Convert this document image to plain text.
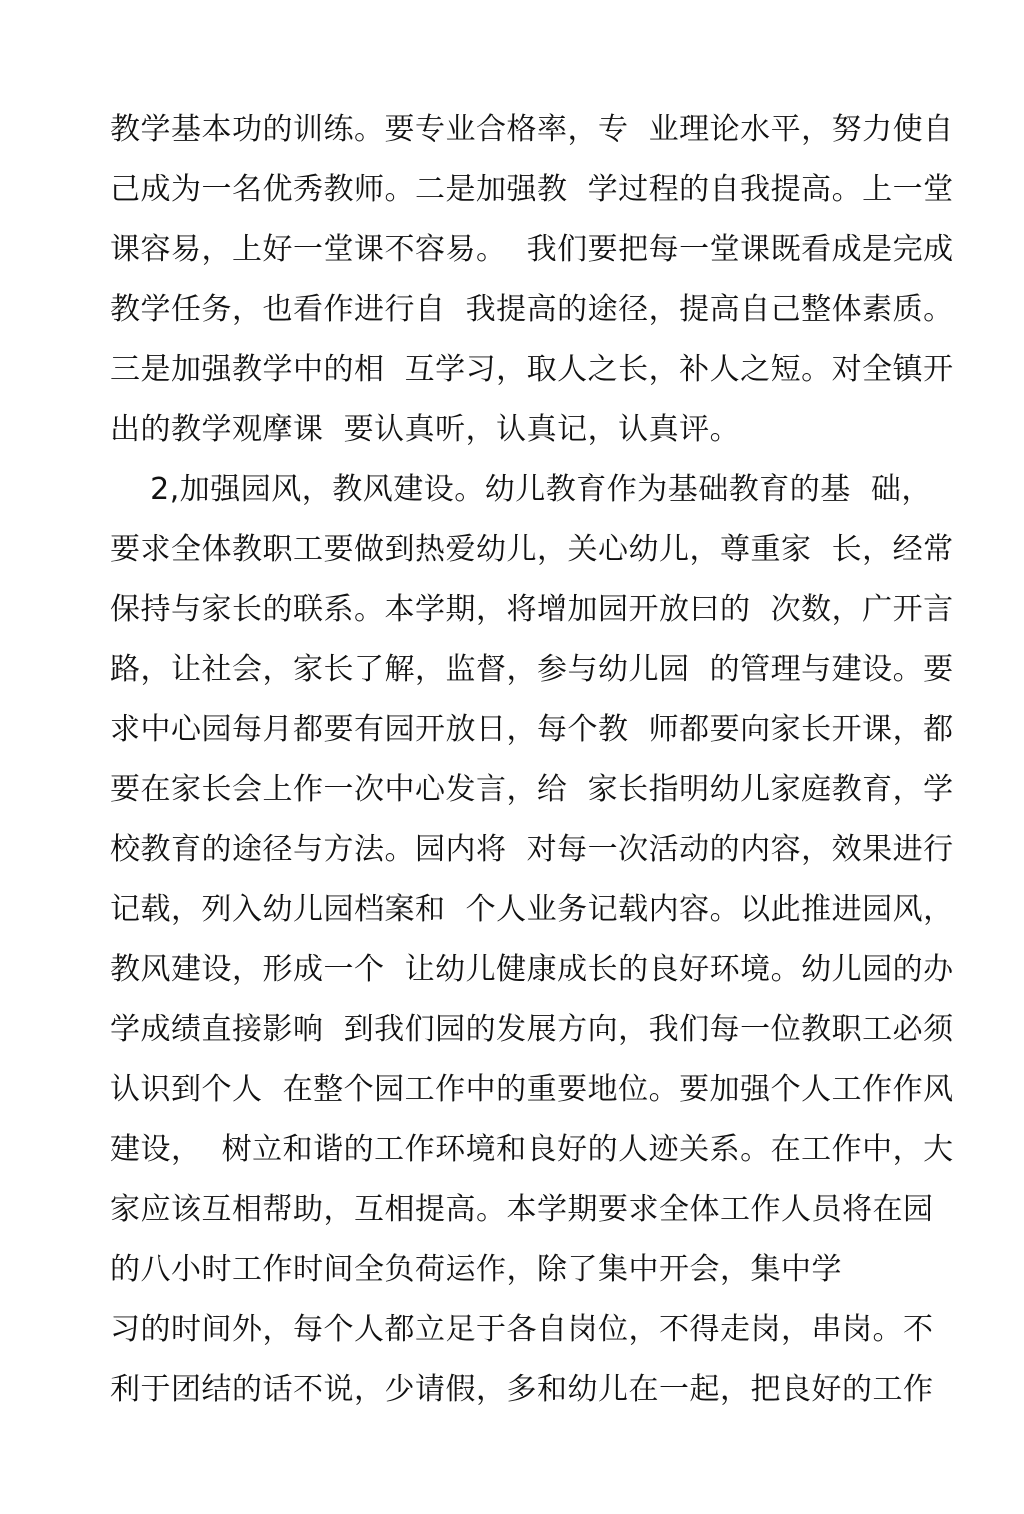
教学基本功的训练。要专业合格率，专  业理论水平，努力使自
己成为一名优秀教师。二是加强教  学过程的自我提高。上一堂
课容易，上好一堂课不容易。  我们要把每一堂课既看成是完成
教学任务，也看作进行自  我提高的途径，提高自己整体素质。
三是加强教学中的相  互学习，取人之长，补人之短。对全镇开
出的教学观摩课  要认真听，认真记，认真评。
2,加强园风，教风建设。幼儿教育作为基础教育的基  础，
要求全体教职工要做到热爱幼儿，关心幼儿，尊重家  长，经常
保持与家长的联系。本学期，将增加园开放曰的  次数，广开言
路，让社会，家长了解，监督，参与幼儿园  的管理与建设。要
求中心园每月都要有园开放日，每个教  师都要向家长开课，都
要在家长会上作一次中心发言，给  家长指明幼儿家庭教育，学
校教育的途径与方法。园内将  对每一次活动的内容，效果进行
记载，列入幼儿园档案和  个人业务记载内容。以此推进园风，
教风建设，形成一个  让幼儿健康成长的良好环境。幼儿园的办
学成绩直接影响  到我们园的发展方向，我们每一位教职工必须
认识到个人  在整个园工作中的重要地位。要加强个人工作作风
建设，  树立和谐的工作环境和良好的人迹关系。在工作中，大
家应该互相帮助，互相提高。本学期要求全体工作人员将在园
的八小时工作时间全负荷运作，除了集中开会，集中学
习的时间外，每个人都立足于各自岗位，不得走岗，串岗。不
利于团结的话不说，少请假，多和幼儿在一起，把良好的工作
